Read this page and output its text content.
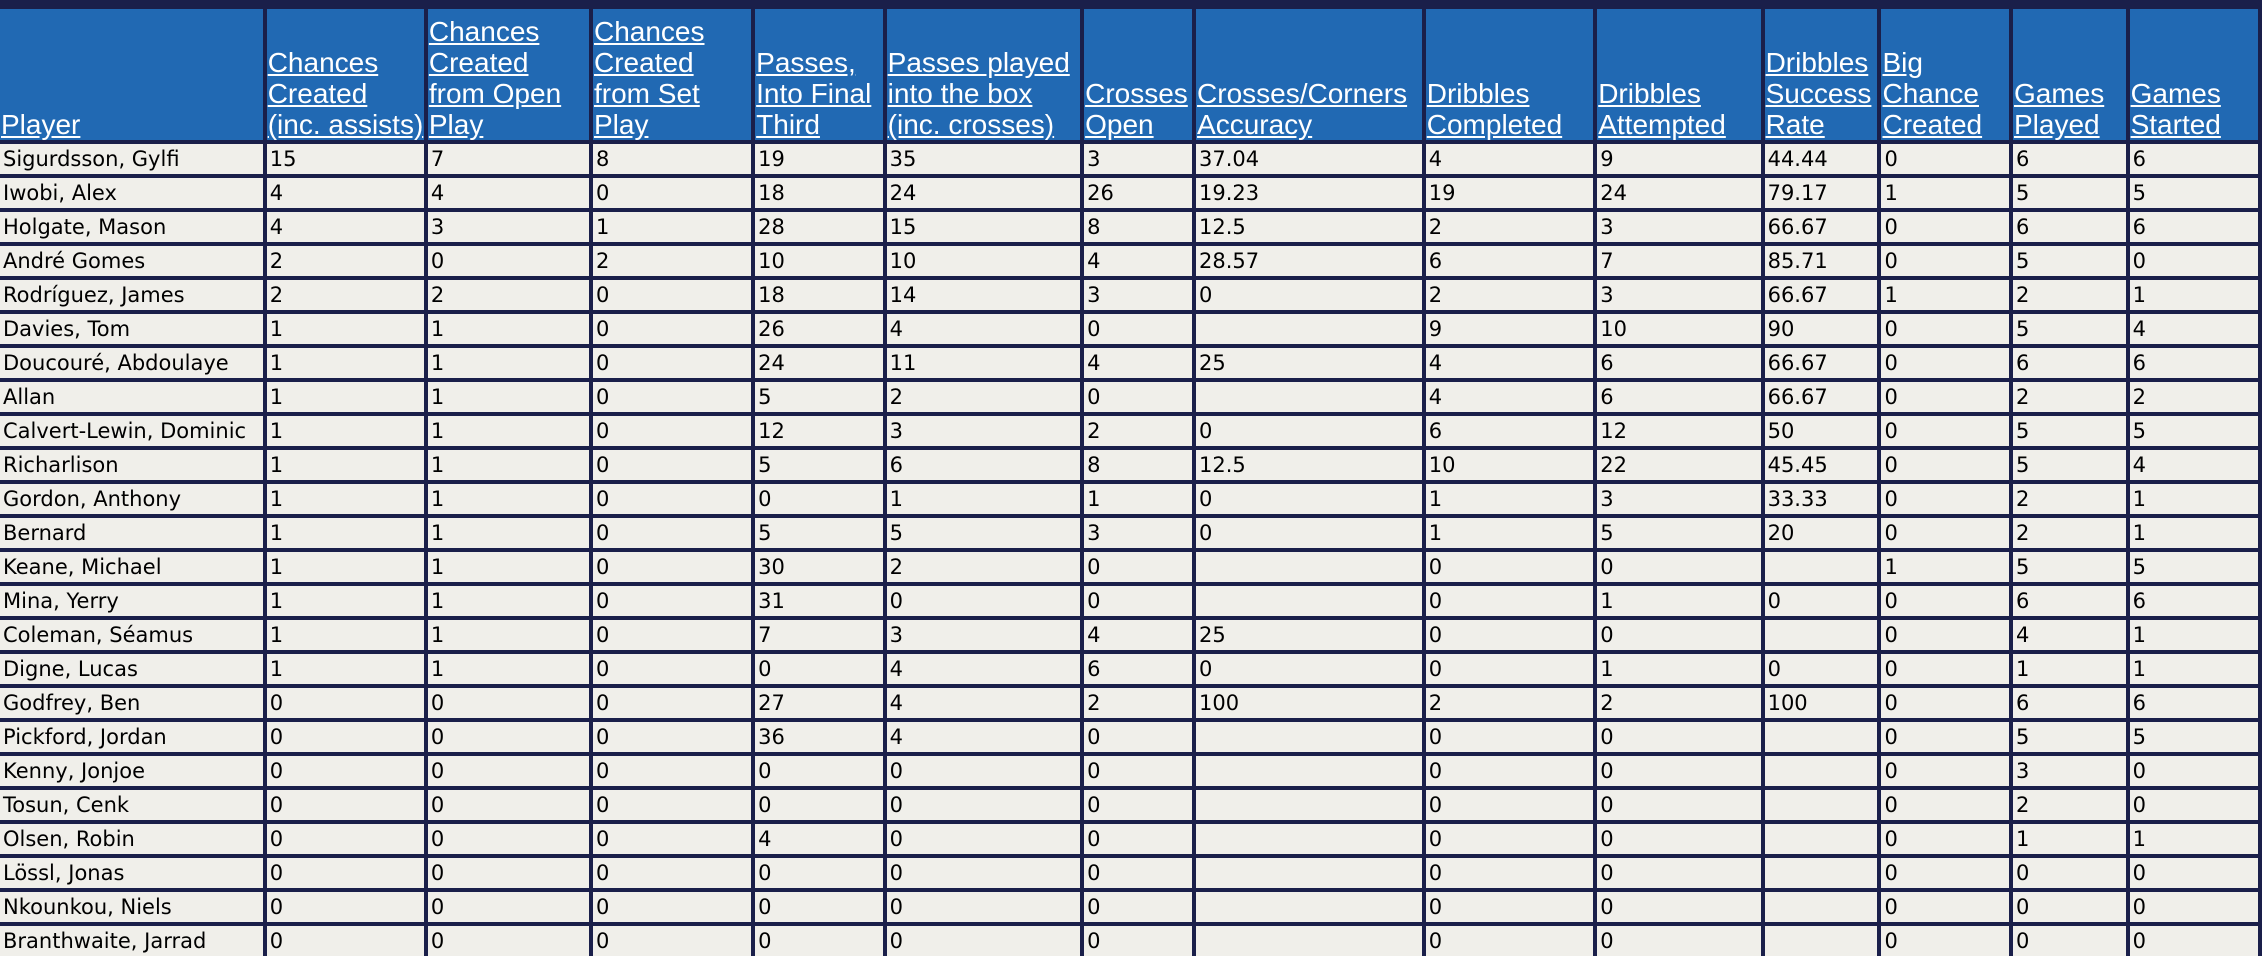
Player	Chances Created (inc. assists)	Chances Created from Open Play	Chances Created from Set Play	Passes, Into Final Third	Passes played into the box (inc. crosses)	Crosses Open	Crosses/Corners Accuracy	Dribbles Completed	Dribbles Attempted	Dribbles Success Rate	Big Chance Created	Games Played	Games Started
Sigurdsson, Gylfi	15	7	8	19	35	3	37.04	4	9	44.44	0	6	6
Iwobi, Alex	4	4	0	18	24	26	19.23	19	24	79.17	1	5	5
Holgate, Mason	4	3	1	28	15	8	12.5	2	3	66.67	0	6	6
André Gomes	2	0	2	10	10	4	28.57	6	7	85.71	0	5	0
Rodríguez, James	2	2	0	18	14	3	0	2	3	66.67	1	2	1
Davies, Tom	1	1	0	26	4	0		9	10	90	0	5	4
Doucouré, Abdoulaye	1	1	0	24	11	4	25	4	6	66.67	0	6	6
Allan	1	1	0	5	2	0		4	6	66.67	0	2	2
Calvert-Lewin, Dominic	1	1	0	12	3	2	0	6	12	50	0	5	5
Richarlison	1	1	0	5	6	8	12.5	10	22	45.45	0	5	4
Gordon, Anthony	1	1	0	0	1	1	0	1	3	33.33	0	2	1
Bernard	1	1	0	5	5	3	0	1	5	20	0	2	1
Keane, Michael	1	1	0	30	2	0		0	0		1	5	5
Mina, Yerry	1	1	0	31	0	0		0	1	0	0	6	6
Coleman, Séamus	1	1	0	7	3	4	25	0	0		0	4	1
Digne, Lucas	1	1	0	0	4	6	0	0	1	0	0	1	1
Godfrey, Ben	0	0	0	27	4	2	100	2	2	100	0	6	6
Pickford, Jordan	0	0	0	36	4	0		0	0		0	5	5
Kenny, Jonjoe	0	0	0	0	0	0		0	0		0	3	0
Tosun, Cenk	0	0	0	0	0	0		0	0		0	2	0
Olsen, Robin	0	0	0	4	0	0		0	0		0	1	1
Lössl, Jonas	0	0	0	0	0	0		0	0		0	0	0
Nkounkou, Niels	0	0	0	0	0	0		0	0		0	0	0
Branthwaite, Jarrad	0	0	0	0	0	0		0	0		0	0	0
